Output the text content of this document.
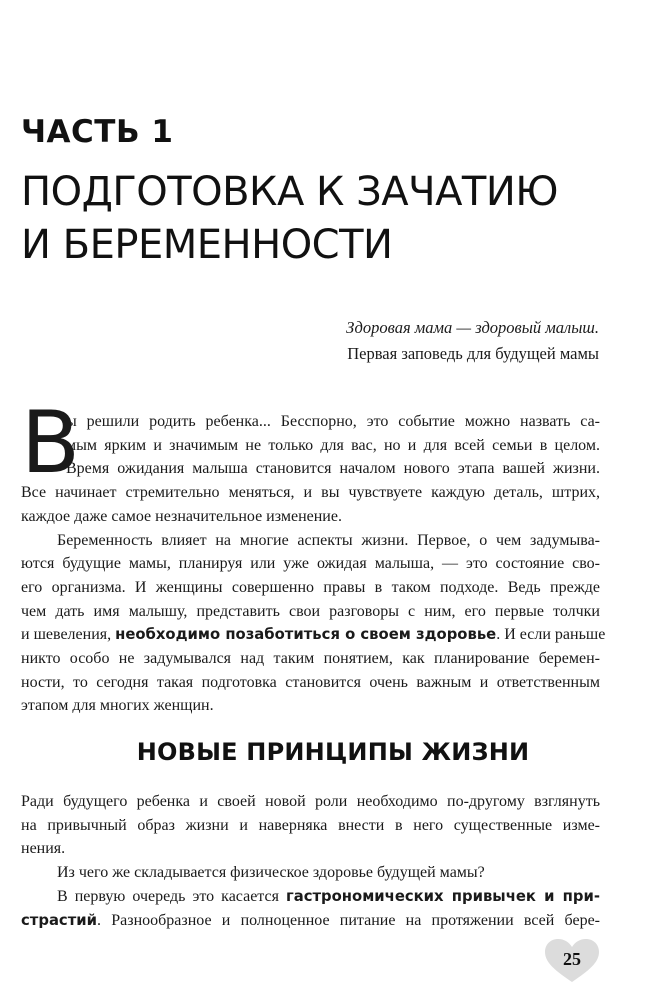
ЧАСТЬ 1
ПОДГОТОВКА К ЗАЧАТИЮ
И БЕРЕМЕННОСТИ
Здоровая мама — здоровый малыш.
Первая заповедь для будущей мамы
В
ы решили родить ребенка... Бесспорно, это событие можно назвать са-
мым ярким и значимым не только для вас, но и для всей семьи в целом.
Время ожидания малыша становится началом нового этапа вашей жизни.
Все начинает стремительно меняться, и вы чувствуете каждую деталь, штрих,
каждое даже самое незначительное изменение.
Беременность влияет на многие аспекты жизни. Первое, о чем задумыва-
ются будущие мамы, планируя или уже ожидая малыша, — это состояние сво-
его организма. И женщины совершенно правы в таком подходе. Ведь прежде
чем дать имя малышу, представить свои разговоры с ним, его первые толчки
и шевеления, необходимо позаботиться о своем здоровье. И если раньше
никто особо не задумывался над таким понятием, как планирование беремен-
ности, то сегодня такая подготовка становится очень важным и ответственным
этапом для многих женщин.
НОВЫЕ ПРИНЦИПЫ ЖИЗНИ
Ради будущего ребенка и своей новой роли необходимо по-другому взглянуть
на привычный образ жизни и наверняка внести в него существенные изме-
нения.
Из чего же складывается физическое здоровье будущей мамы?
В первую очередь это касается гастрономических привычек и при-
страстий. Разнообразное и полноценное питание на протяжении всей бере-
25
